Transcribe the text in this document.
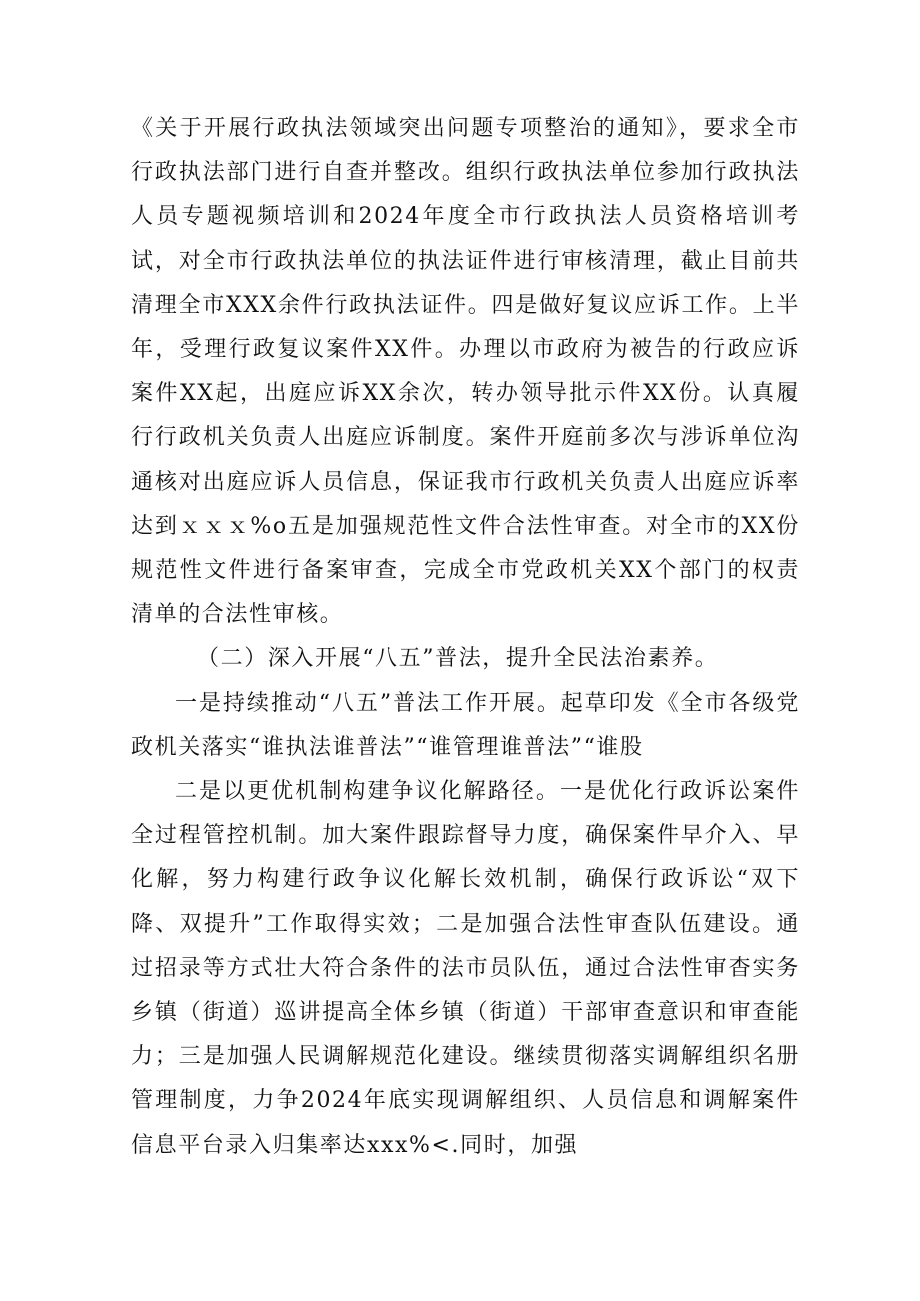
《关于开展行政执法领域突出问题专项整治的通知》，要求全市行政执法部门进行自查并整改。组织行政执法单位参加行政执法人员专题视频培训和2024年度全市行政执法人员资格培训考试，对全市行政执法单位的执法证件进行审核清理，截止目前共清理全市XXX余件行政执法证件。四是做好复议应诉工作。上半年，受理行政复议案件XX件。办理以市政府为被告的行政应诉案件XX起，出庭应诉XX余次，转办领导批示件XX份。认真履行行政机关负责人出庭应诉制度。案件开庭前多次与涉诉单位沟通核对出庭应诉人员信息，保证我市行政机关负责人出庭应诉率达到ｘｘｘ%o五是加强规范性文件合法性审查。对全市的XX份规范性文件进行备案审查，完成全市党政机关XX个部门的权责清单的合法性审核。

（二）深入开展“八五”普法，提升全民法治素养。

一是持续推动“八五”普法工作开展。起草印发《全市各级党政机关落实“谁执法谁普法”“谁管理谁普法”“谁股

二是以更优机制构建争议化解路径。一是优化行政诉讼案件全过程管控机制。加大案件跟踪督导力度，确保案件早介入、早化解，努力构建行政争议化解长效机制，确保行政诉讼“双下降、双提升”工作取得实效；二是加强合法性审查队伍建设。通过招录等方式壮大符合条件的法市员队伍，通过合法性审杳实务乡镇（街道）巡讲提高全体乡镇（街道）干部审查意识和审查能力；三是加强人民调解规范化建设。继续贯彻落实调解组织名册管理制度，力争2024年底实现调解组织、人员信息和调解案件信息平台录入归集率达xxx%<.同时，加强
